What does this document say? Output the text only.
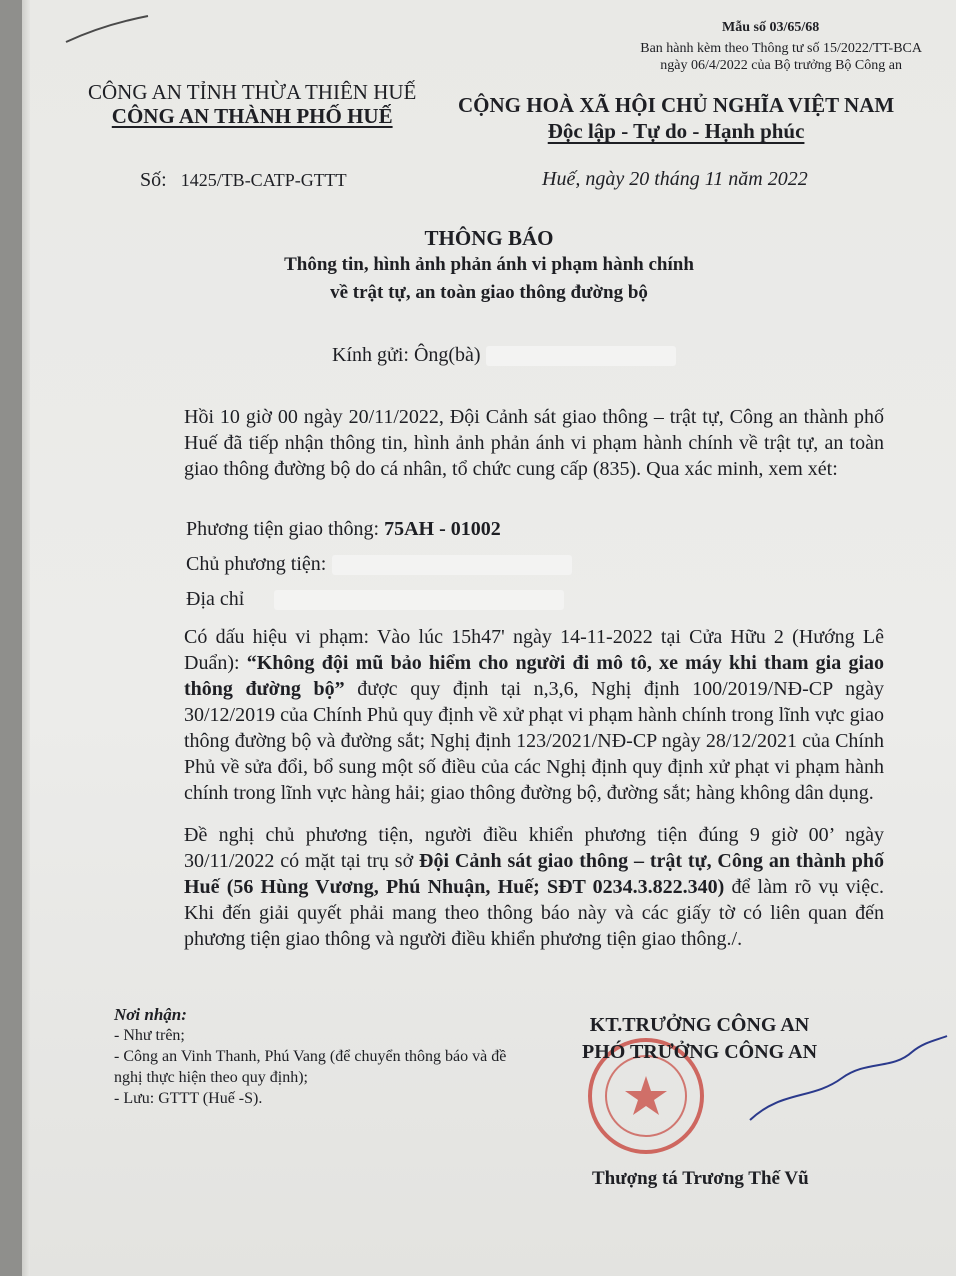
Mẫu số 03/65/68
Ban hành kèm theo Thông tư số 15/2022/TT-BCA
ngày 06/4/2022 của Bộ trưởng Bộ Công an
CÔNG AN TỈNH THỪA THIÊN HUẾ
CÔNG AN THÀNH PHỐ HUẾ	CỘNG HOÀ XÃ HỘI CHỦ NGHĨA VIỆT NAM
Độc lập - Tự do - Hạnh phúc
Số: 1425/TB-CATP-GTTT	Huế, ngày 20 tháng 11 năm 2022
THÔNG BÁO
Thông tin, hình ảnh phản ánh vi phạm hành chính
về trật tự, an toàn giao thông đường bộ
Kính gửi: Ông(bà)
Hồi 10 giờ 00 ngày 20/11/2022, Đội Cảnh sát giao thông – trật tự, Công an thành phố Huế đã tiếp nhận thông tin, hình ảnh phản ánh vi phạm hành chính về trật tự, an toàn giao thông đường bộ do cá nhân, tổ chức cung cấp (835). Qua xác minh, xem xét:
Phương tiện giao thông: 75AH - 01002
Chủ phương tiện:
Địa chỉ
Có dấu hiệu vi phạm: Vào lúc 15h47' ngày 14-11-2022 tại Cửa Hữu 2 (Hướng Lê Duẩn): “Không đội mũ bảo hiểm cho người đi mô tô, xe máy khi tham gia giao thông đường bộ” được quy định tại n,3,6, Nghị định 100/2019/NĐ-CP ngày 30/12/2019 của Chính Phủ quy định về xử phạt vi phạm hành chính trong lĩnh vực giao thông đường bộ và đường sắt; Nghị định 123/2021/NĐ-CP ngày 28/12/2021 của Chính Phủ về sửa đổi, bổ sung một số điều của các Nghị định quy định xử phạt vi phạm hành chính trong lĩnh vực hàng hải; giao thông đường bộ, đường sắt; hàng không dân dụng.
Đề nghị chủ phương tiện, người điều khiển phương tiện đúng 9 giờ 00’ ngày 30/11/2022 có mặt tại trụ sở Đội Cảnh sát giao thông – trật tự, Công an thành phố Huế (56 Hùng Vương, Phú Nhuận, Huế; SĐT 0234.3.822.340) để làm rõ vụ việc. Khi đến giải quyết phải mang theo thông báo này và các giấy tờ có liên quan đến phương tiện giao thông và người điều khiển phương tiện giao thông./.
Nơi nhận:
- Như trên;
- Công an Vinh Thanh, Phú Vang (để chuyển thông báo và đề nghị thực hiện theo quy định);
- Lưu: GTTT (Huế -S).
KT.TRƯỞNG CÔNG AN
PHÓ TRƯỞNG CÔNG AN
Thượng tá Trương Thế Vũ
